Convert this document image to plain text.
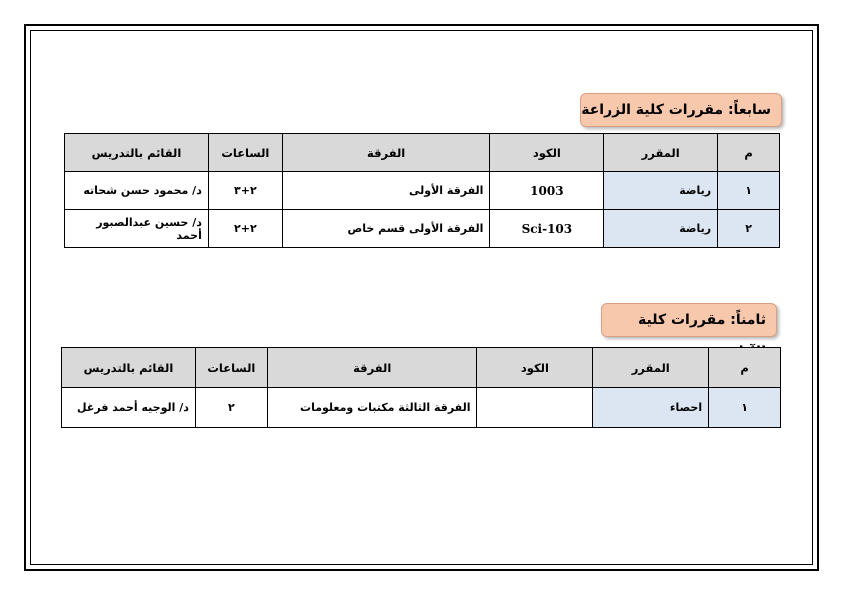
سابعاً: مقررات كلية الزراعة
م	المقرر	الكود	الفرقة	الساعات	القائم بالتدريس
١	رياضة	1003	الفرقة الأولى	٢+٣	د/ محمود حسن شحاته
٢	رياضة	Sci-103	الفرقة الأولى قسم خاص	٢+٢	د/ حسين عبدالصبور أحمد
ثامناً: مقررات كلية
م	المقرر	الكود	الفرقة	الساعات	القائم بالتدريس
١	احصاء		الفرقة الثالثة مكتبات ومعلومات	٢	د/ الوجيه أحمد فرغل
